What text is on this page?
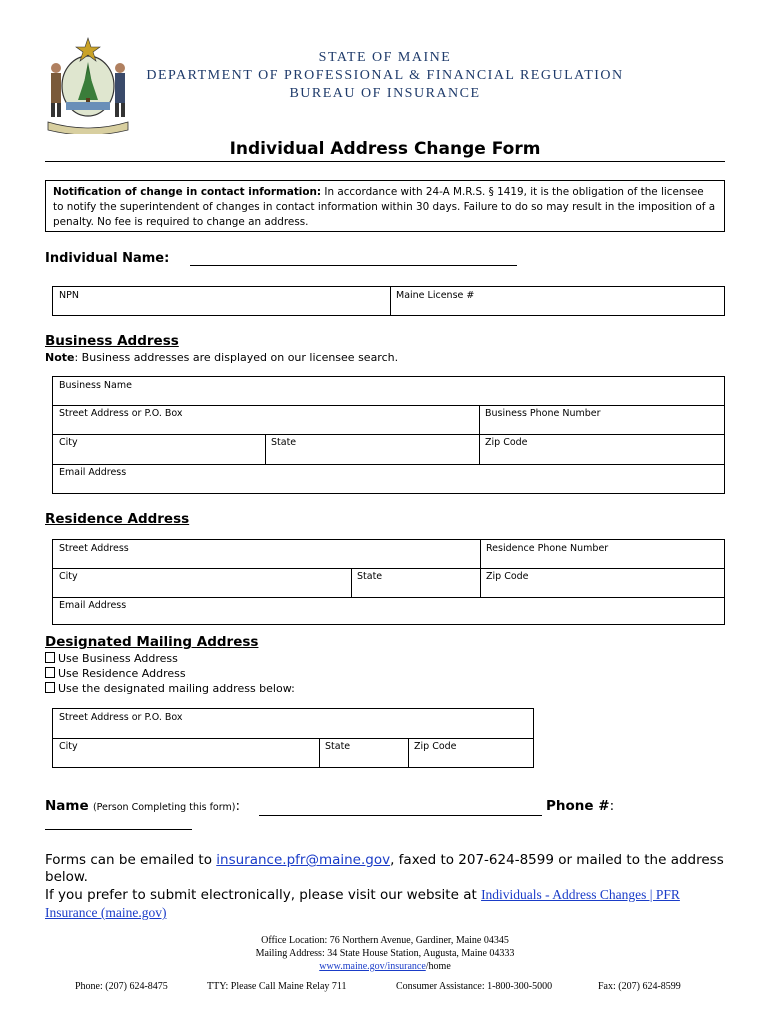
STATE OF MAINE
DEPARTMENT OF PROFESSIONAL & FINANCIAL REGULATION
BUREAU OF INSURANCE
Individual Address Change Form
Notification of change in contact information: In accordance with 24-A M.R.S. § 1419, it is the obligation of the licensee to notify the superintendent of changes in contact information within 30 days. Failure to do so may result in the imposition of a penalty. No fee is required to change an address.
Individual Name:
NPN	Maine License #
Business Address
Note: Business addresses are displayed on our licensee search.
Business Name
Street Address or P.O. Box	Business Phone Number
City	State	Zip Code
Email Address
Residence Address
Street Address	Residence Phone Number
City	State	Zip Code
Email Address
Designated Mailing Address
Use Business Address
Use Residence Address
Use the designated mailing address below:
Street Address or P.O. Box
City	State	Zip Code
Name (Person Completing this form):	Phone #:
Forms can be emailed to insurance.pfr@maine.gov, faxed to 207-624-8599 or mailed to the address below.
If you prefer to submit electronically, please visit our website at Individuals - Address Changes | PFR Insurance (maine.gov)
Office Location: 76 Northern Avenue, Gardiner, Maine 04345
Mailing Address: 34 State House Station, Augusta, Maine 04333
www.maine.gov/insurance/home
Phone: (207) 624-8475	TTY: Please Call Maine Relay 711	Consumer Assistance: 1-800-300-5000	Fax: (207) 624-8599
